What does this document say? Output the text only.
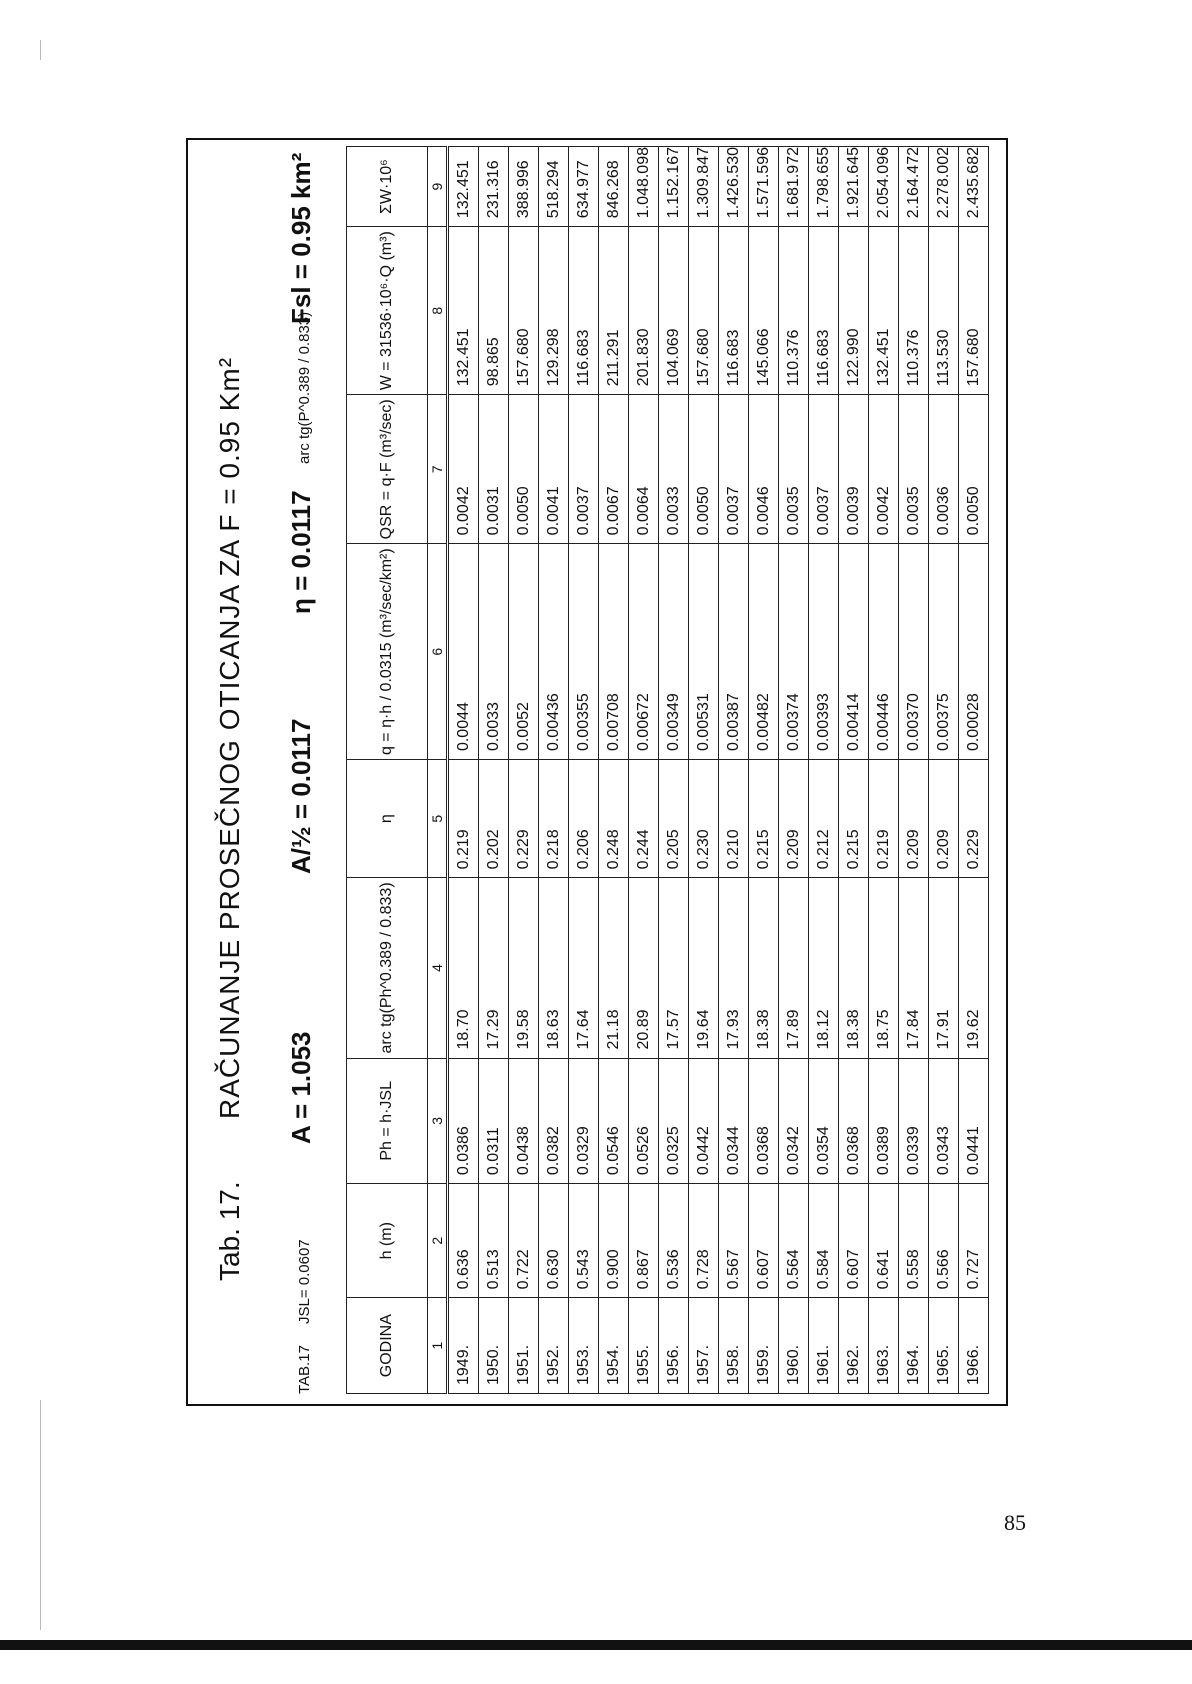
Tab. 17.
RAČUNANJE PROSEČNOG OTICANJA ZA F = 0.95 Km²
TAB.17
JSL= 0.0607
A = 1.053
A/½ = 0.0117
η = 0.0117
arc tg(P^0.389 / 0.833)
Fsl = 0.95 km²
GODINA	h (m)	Ph = h·JSL	arc tg(Ph^0.389 / 0.833)	η	q = η·h / 0.0315 (m³/sec/km²)	QSR = q·F (m³/sec)	W = 31536·10⁶·Q (m³)	ΣW·10⁶
1	2	3	4	5	6	7	8	9
1949.	0.636	0.0386	18.70	0.219	0.0044	0.0042	132.451	132.451
1950.	0.513	0.0311	17.29	0.202	0.0033	0.0031	98.865	231.316
1951.	0.722	0.0438	19.58	0.229	0.0052	0.0050	157.680	388.996
1952.	0.630	0.0382	18.63	0.218	0.00436	0.0041	129.298	518.294
1953.	0.543	0.0329	17.64	0.206	0.00355	0.0037	116.683	634.977
1954.	0.900	0.0546	21.18	0.248	0.00708	0.0067	211.291	846.268
1955.	0.867	0.0526	20.89	0.244	0.00672	0.0064	201.830	1.048.098
1956.	0.536	0.0325	17.57	0.205	0.00349	0.0033	104.069	1.152.167
1957.	0.728	0.0442	19.64	0.230	0.00531	0.0050	157.680	1.309.847
1958.	0.567	0.0344	17.93	0.210	0.00387	0.0037	116.683	1.426.530
1959.	0.607	0.0368	18.38	0.215	0.00482	0.0046	145.066	1.571.596
1960.	0.564	0.0342	17.89	0.209	0.00374	0.0035	110.376	1.681.972
1961.	0.584	0.0354	18.12	0.212	0.00393	0.0037	116.683	1.798.655
1962.	0.607	0.0368	18.38	0.215	0.00414	0.0039	122.990	1.921.645
1963.	0.641	0.0389	18.75	0.219	0.00446	0.0042	132.451	2.054.096
1964.	0.558	0.0339	17.84	0.209	0.00370	0.0035	110.376	2.164.472
1965.	0.566	0.0343	17.91	0.209	0.00375	0.0036	113.530	2.278.002
1966.	0.727	0.0441	19.62	0.229	0.00028	0.0050	157.680	2.435.682
85
